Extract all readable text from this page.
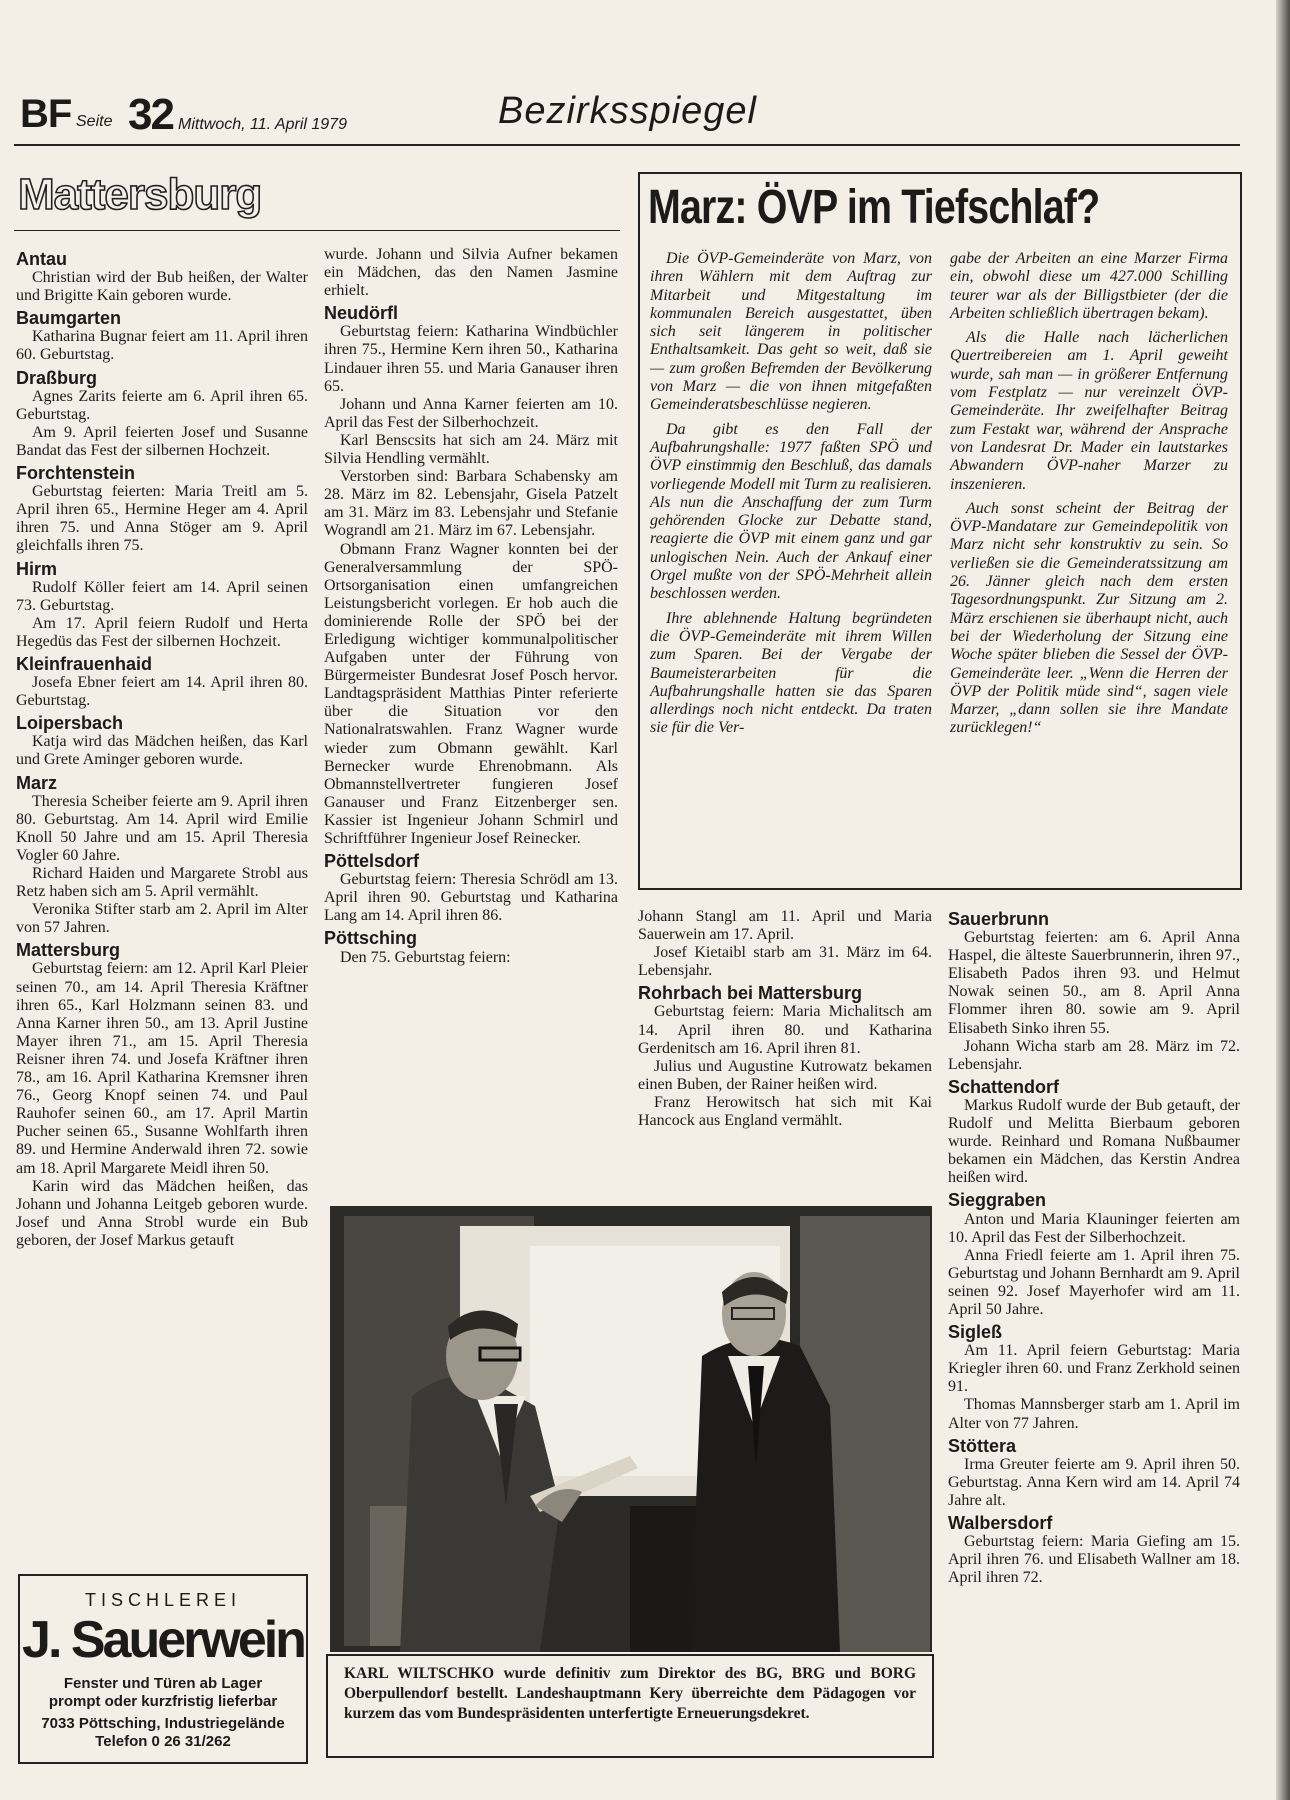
BF Seite 32 Mittwoch, 11. April 1979	Bezirksspiegel
Mattersburg
Antau

Christian wird der Bub heißen, der Walter und Brigitte Kain geboren wurde.

Baumgarten

Katharina Bugnar feiert am 11. April ihren 60. Geburtstag.

Draßburg

Agnes Zarits feierte am 6. April ihren 65. Geburtstag.

Am 9. April feierten Josef und Susanne Bandat das Fest der silbernen Hochzeit.

Forchtenstein

Geburtstag feierten: Maria Treitl am 5. April ihren 65., Hermine Heger am 4. April ihren 75. und Anna Stöger am 9. April gleichfalls ihren 75.

Hirm

Rudolf Köller feiert am 14. April seinen 73. Geburtstag.

Am 17. April feiern Rudolf und Herta Hegedüs das Fest der silbernen Hochzeit.

Kleinfrauenhaid

Josefa Ebner feiert am 14. April ihren 80. Geburtstag.

Loipersbach

Katja wird das Mädchen heißen, das Karl und Grete Aminger geboren wurde.

Marz

Theresia Scheiber feierte am 9. April ihren 80. Geburtstag. Am 14. April wird Emilie Knoll 50 Jahre und am 15. April Theresia Vogler 60 Jahre.

Richard Haiden und Margarete Strobl aus Retz haben sich am 5. April vermählt.

Veronika Stifter starb am 2. April im Alter von 57 Jahren.

Mattersburg

Geburtstag feiern: am 12. April Karl Pleier seinen 70., am 14. April Theresia Kräftner ihren 65., Karl Holzmann seinen 83. und Anna Karner ihren 50., am 13. April Justine Mayer ihren 71., am 15. April Theresia Reisner ihren 74. und Josefa Kräftner ihren 78., am 16. April Katharina Kremsner ihren 76., Georg Knopf seinen 74. und Paul Rauhofer seinen 60., am 17. April Martin Pucher seinen 65., Susanne Wohlfarth ihren 89. und Hermine Anderwald ihren 72. sowie am 18. April Margarete Meidl ihren 50.

Karin wird das Mädchen heißen, das Johann und Johanna Leitgeb geboren wurde. Josef und Anna Strobl wurde ein Bub geboren, der Josef Markus getauft

wurde. Johann und Silvia Aufner bekamen ein Mädchen, das den Namen Jasmine erhielt.

Neudörfl

Geburtstag feiern: Katharina Windbüchler ihren 75., Hermine Kern ihren 50., Katharina Lindauer ihren 55. und Maria Ganauser ihren 65.

Johann und Anna Karner feierten am 10. April das Fest der Silberhochzeit.

Karl Benscsits hat sich am 24. März mit Silvia Hendling vermählt.

Verstorben sind: Barbara Schabensky am 28. März im 82. Lebensjahr, Gisela Patzelt am 31. März im 83. Lebensjahr und Stefanie Wograndl am 21. März im 67. Lebensjahr.

Obmann Franz Wagner konnten bei der Generalversammlung der SPÖ-Ortsorganisation einen umfangreichen Leistungsbericht vorlegen. Er hob auch die dominierende Rolle der SPÖ bei der Erledigung wichtiger kommunalpolitischer Aufgaben unter der Führung von Bürgermeister Bundesrat Josef Posch hervor. Landtagspräsident Matthias Pinter referierte über die Situation vor den Nationalratswahlen. Franz Wagner wurde wieder zum Obmann gewählt. Karl Bernecker wurde Ehrenobmann. Als Obmannstellvertreter fungieren Josef Ganauser und Franz Eitzenberger sen. Kassier ist Ingenieur Johann Schmirl und Schriftführer Ingenieur Josef Reinecker.

Pöttelsdorf

Geburtstag feiern: Theresia Schrödl am 13. April ihren 90. Geburtstag und Katharina Lang am 14. April ihren 86.

Pöttsching

Den 75. Geburtstag feiern:

Marz: ÖVP im Tiefschlaf?

Die ÖVP-Gemeinderäte von Marz, von ihren Wählern mit dem Auftrag zur Mitarbeit und Mitgestaltung im kommunalen Bereich ausgestattet, üben sich seit längerem in politischer Enthaltsamkeit. Das geht so weit, daß sie — zum großen Befremden der Bevölkerung von Marz — die von ihnen mitgefaßten Gemeinderatsbeschlüsse negieren.

Da gibt es den Fall der Aufbahrungshalle: 1977 faßten SPÖ und ÖVP einstimmig den Beschluß, das damals vorliegende Modell mit Turm zu realisieren. Als nun die Anschaffung der zum Turm gehörenden Glocke zur Debatte stand, reagierte die ÖVP mit einem ganz und gar unlogischen Nein. Auch der Ankauf einer Orgel mußte von der SPÖ-Mehrheit allein beschlossen werden.

Ihre ablehnende Haltung begründeten die ÖVP-Gemeinderäte mit ihrem Willen zum Sparen. Bei der Vergabe der Baumeisterarbeiten für die Aufbahrungshalle hatten sie das Sparen allerdings noch nicht entdeckt. Da traten sie für die Ver-

gabe der Arbeiten an eine Marzer Firma ein, obwohl diese um 427.000 Schilling teurer war als der Billigstbieter (der die Arbeiten schließlich übertragen bekam).

Als die Halle nach lächerlichen Quertreibereien am 1. April geweiht wurde, sah man — in größerer Entfernung vom Festplatz — nur vereinzelt ÖVP-Gemeinderäte. Ihr zweifelhafter Beitrag zum Festakt war, während der Ansprache von Landesrat Dr. Mader ein lautstarkes Abwandern ÖVP-naher Marzer zu inszenieren.

Auch sonst scheint der Beitrag der ÖVP-Mandatare zur Gemeindepolitik von Marz nicht sehr konstruktiv zu sein. So verließen sie die Gemeinderatssitzung am 26. Jänner gleich nach dem ersten Tagesordnungspunkt. Zur Sitzung am 2. März erschienen sie überhaupt nicht, auch bei der Wiederholung der Sitzung eine Woche später blieben die Sessel der ÖVP-Gemeinderäte leer. „Wenn die Herren der ÖVP der Politik müde sind“, sagen viele Marzer, „dann sollen sie ihre Mandate zurücklegen!“

Johann Stangl am 11. April und Maria Sauerwein am 17. April.

Josef Kietaibl starb am 31. März im 64. Lebensjahr.

Rohrbach bei Mattersburg

Geburtstag feiern: Maria Michalitsch am 14. April ihren 80. und Katharina Gerdenitsch am 16. April ihren 81.

Julius und Augustine Kutrowatz bekamen einen Buben, der Rainer heißen wird.

Franz Herowitsch hat sich mit Kai Hancock aus England vermählt.

Sauerbrunn

Geburtstag feierten: am 6. April Anna Haspel, die älteste Sauerbrunnerin, ihren 97., Elisabeth Pados ihren 93. und Helmut Nowak seinen 50., am 8. April Anna Flommer ihren 80. sowie am 9. April Elisabeth Sinko ihren 55.

Johann Wicha starb am 28. März im 72. Lebensjahr.

Schattendorf

Markus Rudolf wurde der Bub getauft, der Rudolf und Melitta Bierbaum geboren wurde. Reinhard und Romana Nußbaumer bekamen ein Mädchen, das Kerstin Andrea heißen wird.

Sieggraben

Anton und Maria Klauninger feierten am 10. April das Fest der Silberhochzeit.

Anna Friedl feierte am 1. April ihren 75. Geburtstag und Johann Bernhardt am 9. April seinen 92. Josef Mayerhofer wird am 11. April 50 Jahre.

Sigleß

Am 11. April feiern Geburtstag: Maria Kriegler ihren 60. und Franz Zerkhold seinen 91.

Thomas Mannsberger starb am 1. April im Alter von 77 Jahren.

Stöttera

Irma Greuter feierte am 9. April ihren 50. Geburtstag. Anna Kern wird am 14. April 74 Jahre alt.

Walbersdorf

Geburtstag feiern: Maria Giefing am 15. April ihren 76. und Elisabeth Wallner am 18. April ihren 72.

KARL WILTSCHKO wurde definitiv zum Direktor des BG, BRG und BORG Oberpullendorf bestellt. Landeshauptmann Kery überreichte dem Pädagogen vor kurzem das vom Bundespräsidenten unterfertigte Erneuerungsdekret.
TISCHLEREI
J. Sauerwein
Fenster und Türen ab Lager
prompt oder kurzfristig lieferbar
7033 Pöttsching, Industriegelände
Telefon 0 26 31/262
